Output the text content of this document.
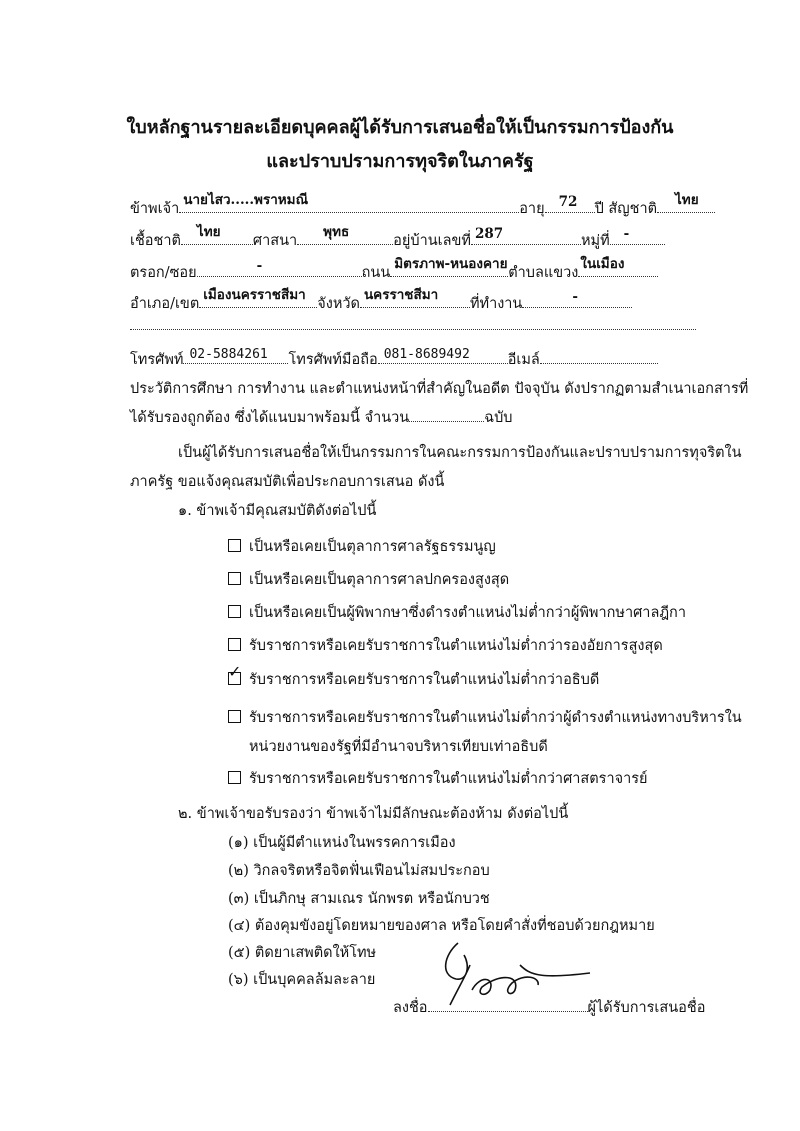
ใบหลักฐานรายละเอียดบุคคลผู้ได้รับการเสนอชื่อให้เป็นกรรมการป้องกัน
และปราบปรามการทุจริตในภาครัฐ
ข้าพเจ้า
นายไสว.....พราหมณี
อายุ 72 ปี สัญชาติ
ไทย
เชื้อชาติ
ไทย
ศาสนา
พุทธ
อยู่บ้านเลขที่ 287	หมู่ที่ -
ตรอก/ซอย	-	ถนน
มิตรภาพ-หนองคาย
ตำบลแขวง
ในเมือง
อำเภอ/เขต
เมืองนครราชสีมา
จังหวัด
นครราชสีมา
ที่ทำงาน	-
โทรศัพท์ 02-5884261 โทรศัพท์มือถือ 081-8689492	อีเมล์
ประวัติการศึกษา การทำงาน และตำแหน่งหน้าที่สำคัญในอดีต ปัจจุบัน ดังปรากฏตามสำเนาเอกสารที่
ได้รับรองถูกต้อง ซึ่งได้แนบมาพร้อมนี้ จำนวน	ฉบับ
เป็นผู้ได้รับการเสนอชื่อให้เป็นกรรมการในคณะกรรมการป้องกันและปราบปรามการทุจริตใน
ภาครัฐ ขอแจ้งคุณสมบัติเพื่อประกอบการเสนอ ดังนี้
๑. ข้าพเจ้ามีคุณสมบัติดังต่อไปนี้
เป็นหรือเคยเป็นตุลาการศาลรัฐธรรมนูญ
เป็นหรือเคยเป็นตุลาการศาลปกครองสูงสุด
เป็นหรือเคยเป็นผู้พิพากษาซึ่งดำรงตำแหน่งไม่ต่ำกว่าผู้พิพากษาศาลฎีกา
รับราชการหรือเคยรับราชการในตำแหน่งไม่ต่ำกว่ารองอัยการสูงสุด
✓ รับราชการหรือเคยรับราชการในตำแหน่งไม่ต่ำกว่าอธิบดี
รับราชการหรือเคยรับราชการในตำแหน่งไม่ต่ำกว่าผู้ดำรงตำแหน่งทางบริหารใน
หน่วยงานของรัฐที่มีอำนาจบริหารเทียบเท่าอธิบดี
รับราชการหรือเคยรับราชการในตำแหน่งไม่ต่ำกว่าศาสตราจารย์
๒. ข้าพเจ้าขอรับรองว่า ข้าพเจ้าไม่มีลักษณะต้องห้าม ดังต่อไปนี้
(๑) เป็นผู้มีตำแหน่งในพรรคการเมือง
(๒) วิกลจริตหรือจิตฟั่นเฟือนไม่สมประกอบ
(๓) เป็นภิกษุ สามเณร นักพรต หรือนักบวช
(๔) ต้องคุมขังอยู่โดยหมายของศาล หรือโดยคำสั่งที่ชอบด้วยกฎหมาย
(๕) ติดยาเสพติดให้โทษ
(๖) เป็นบุคคลล้มละลาย
ลงชื่อ	ผู้ได้รับการเสนอชื่อ
